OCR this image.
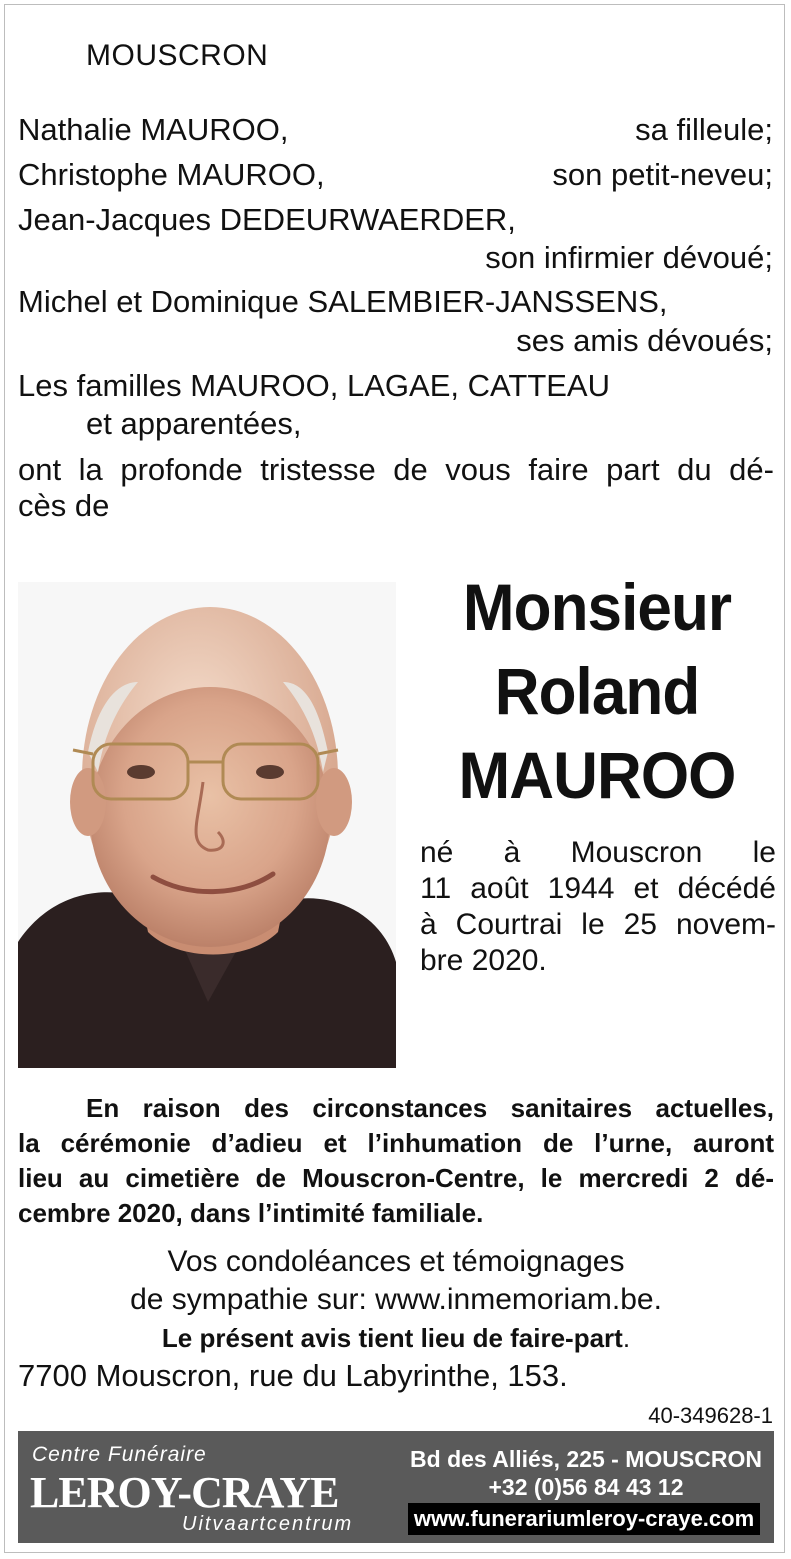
MOUSCRON
Nathalie MAUROO,	sa filleule;
Christophe MAUROO,	son petit-neveu;
Jean-Jacques DEDEURWAERDER,
son infirmier dévoué;
Michel et Dominique SALEMBIER-JANSSENS,
ses amis dévoués;
Les familles MAUROO, LAGAE, CATTEAU
et apparentées,
ont la profonde tristesse de vous faire part du dé-
cès de
Monsieur
Roland
MAUROO
né à Mouscron le
11 août 1944 et décédé
à Courtrai le 25 novem-
bre 2020.
En raison des circonstances sanitaires actuelles,
la cérémonie d’adieu et l’inhumation de l’urne, auront
lieu au cimetière de Mouscron-Centre, le mercredi 2 dé-
cembre 2020, dans l’intimité familiale.
Vos condoléances et témoignages
de sympathie sur: www.inmemoriam.be.
Le présent avis tient lieu de faire-part.
7700 Mouscron, rue du Labyrinthe, 153.
40-349628-1
Centre Funéraire
LEROY-CRAYE
Uitvaartcentrum
Bd des Alliés, 225 - MOUSCRON
+32 (0)56 84 43 12
www.funerariumleroy-craye.com
